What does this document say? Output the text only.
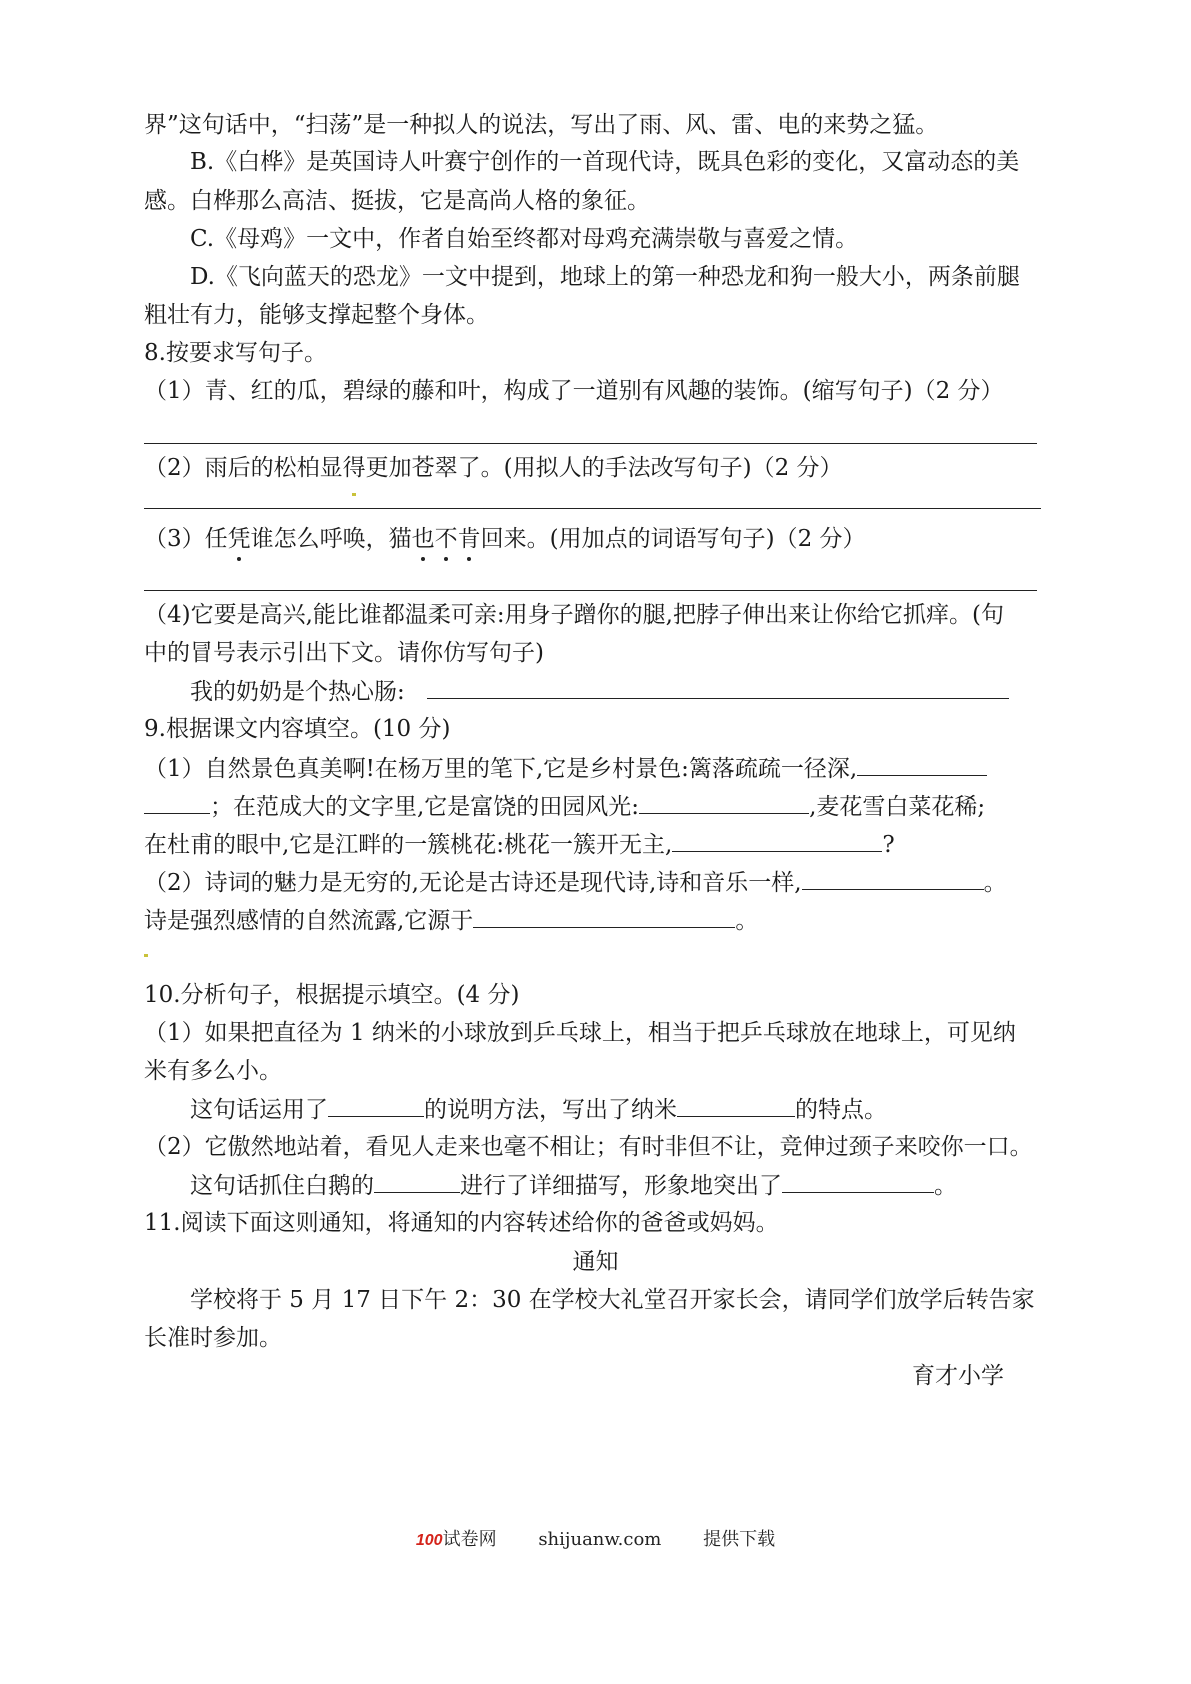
界”这句话中，“扫荡”是一种拟人的说法，写出了雨、风、雷、电的来势之猛。
B.《白桦》是英国诗人叶赛宁创作的一首现代诗，既具色彩的变化，又富动态的美
感。白桦那么高洁、挺拔，它是高尚人格的象征。
C.《母鸡》一文中，作者自始至终都对母鸡充满崇敬与喜爱之情。
D.《飞向蓝天的恐龙》一文中提到，地球上的第一种恐龙和狗一般大小，两条前腿
粗壮有力，能够支撑起整个身体。
8.按要求写句子。
（1）青、红的瓜，碧绿的藤和叶，构成了一道别有风趣的装饰。(缩写句子)（2 分）
（2）雨后的松柏显得更加苍翠了。(用拟人的手法改写句子)（2 分）
（3）任凭谁怎么呼唤，猫也不肯回来。(用加点的词语写句子)（2 分）
（4)它要是高兴,能比谁都温柔可亲:用身子蹭你的腿,把脖子伸出来让你给它抓痒。(句
中的冒号表示引出下文。请你仿写句子)
我的奶奶是个热心肠:
9.根据课文内容填空。(10 分)
（1）自然景色真美啊!在杨万里的笔下,它是乡村景色:篱落疏疏一径深,
；在范成大的文字里,它是富饶的田园风光:	,麦花雪白菜花稀;
在杜甫的眼中,它是江畔的一簇桃花:桃花一簇开无主,	?
（2）诗词的魅力是无穷的,无论是古诗还是现代诗,诗和音乐一样,	。
诗是强烈感情的自然流露,它源于	。
10.分析句子，根据提示填空。(4 分)
（1）如果把直径为 1 纳米的小球放到乒乓球上，相当于把乒乓球放在地球上，可见纳
米有多么小。
这句话运用了	的说明方法，写出了纳米	的特点。
（2）它傲然地站着，看见人走来也毫不相让；有时非但不让，竞伸过颈子来咬你一口。
这句话抓住白鹅的	进行了详细描写，形象地突出了	。
11.阅读下面这则通知，将通知的内容转述给你的爸爸或妈妈。
通知
学校将于 5 月 17 日下午 2：30 在学校大礼堂召开家长会，请同学们放学后转告家
长准时参加。
育才小学
100试卷网 shijuanw.com 提供下载
